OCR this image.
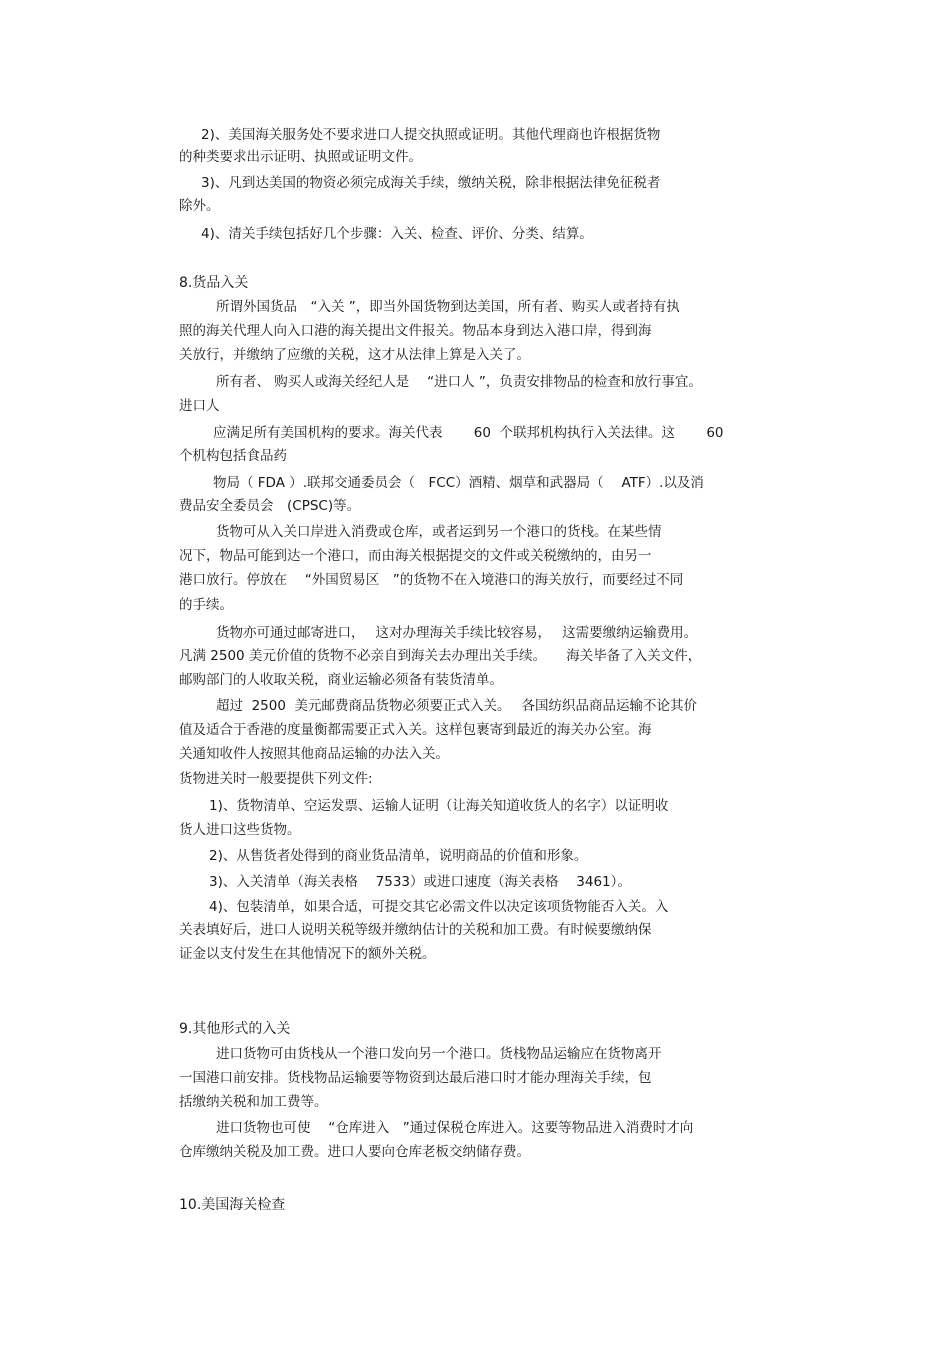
2)、美国海关服务处不要求进口人提交执照或证明。其他代理商也许根据货物
的种类要求出示证明、执照或证明文件。
3)、凡到达美国的物资必须完成海关手续，缴纳关税，除非根据法律免征税者
除外。
4)、清关手续包括好几个步骤：入关、检查、评价、分类、结算。
8.货品入关
所谓外国货品　“入关 ”，即当外国货物到达美国，所有者、购买人或者持有执
照的海关代理人向入口港的海关提出文件报关。物品本身到达入港口岸，得到海
关放行，并缴纳了应缴的关税，这才从法律上算是入关了。
所有者、 购买人或海关经纪人是　 “进口人 ”，负责安排物品的检查和放行事宜。
进口人
应满足所有美国机构的要求。海关代表　　 60  个联邦机构执行入关法律。这　　 60
个机构包括食品药
物局（ FDA ）.联邦交通委员会（　FCC）酒精、烟草和武器局（　 ATF）.以及消
费品安全委员会　(CPSC)等。
货物可从入关口岸进入消费或仓库，或者运到另一个港口的货栈。在某些情
况下，物品可能到达一个港口，而由海关根据提交的文件或关税缴纳的，由另一
港口放行。停放在　 “外国贸易区　”的货物不在入境港口的海关放行，而要经过不同
的手续。
货物亦可通过邮寄进口，　 这对办理海关手续比较容易，　 这需要缴纳运输费用。
凡满 2500 美元价值的货物不必亲自到海关去办理出关手续。　　海关毕备了入关文件，
邮购部门的人收取关税，商业运输必须备有装货清单。
超过  2500  美元邮费商品货物必须要正式入关。　 各国纺织品商品运输不论其价
值及适合于香港的度量衡都需要正式入关。这样包裹寄到最近的海关办公室。海
关通知收件人按照其他商品运输的办法入关。
货物进关时一般要提供下列文件:
1)、货物清单、空运发票、运输人证明（让海关知道收货人的名字）以证明收
货人进口这些货物。
2)、从售货者处得到的商业货品清单，说明商品的价值和形象。
3)、入关清单（海关表格　 7533）或进口速度（海关表格　 3461）。
4)、包装清单，如果合适，可提交其它必需文件以决定该项货物能否入关。入
关表填好后，进口人说明关税等级并缴纳估计的关税和加工费。有时候要缴纳保
证金以支付发生在其他情况下的额外关税。
9.其他形式的入关
进口货物可由货栈从一个港口发向另一个港口。货栈物品运输应在货物离开
一国港口前安排。货栈物品运输要等物资到达最后港口时才能办理海关手续，包
括缴纳关税和加工费等。
进口货物也可使　 “仓库进入　”通过保税仓库进入。这要等物品进入消费时才向
仓库缴纳关税及加工费。进口人要向仓库老板交纳储存费。
10.美国海关检查
